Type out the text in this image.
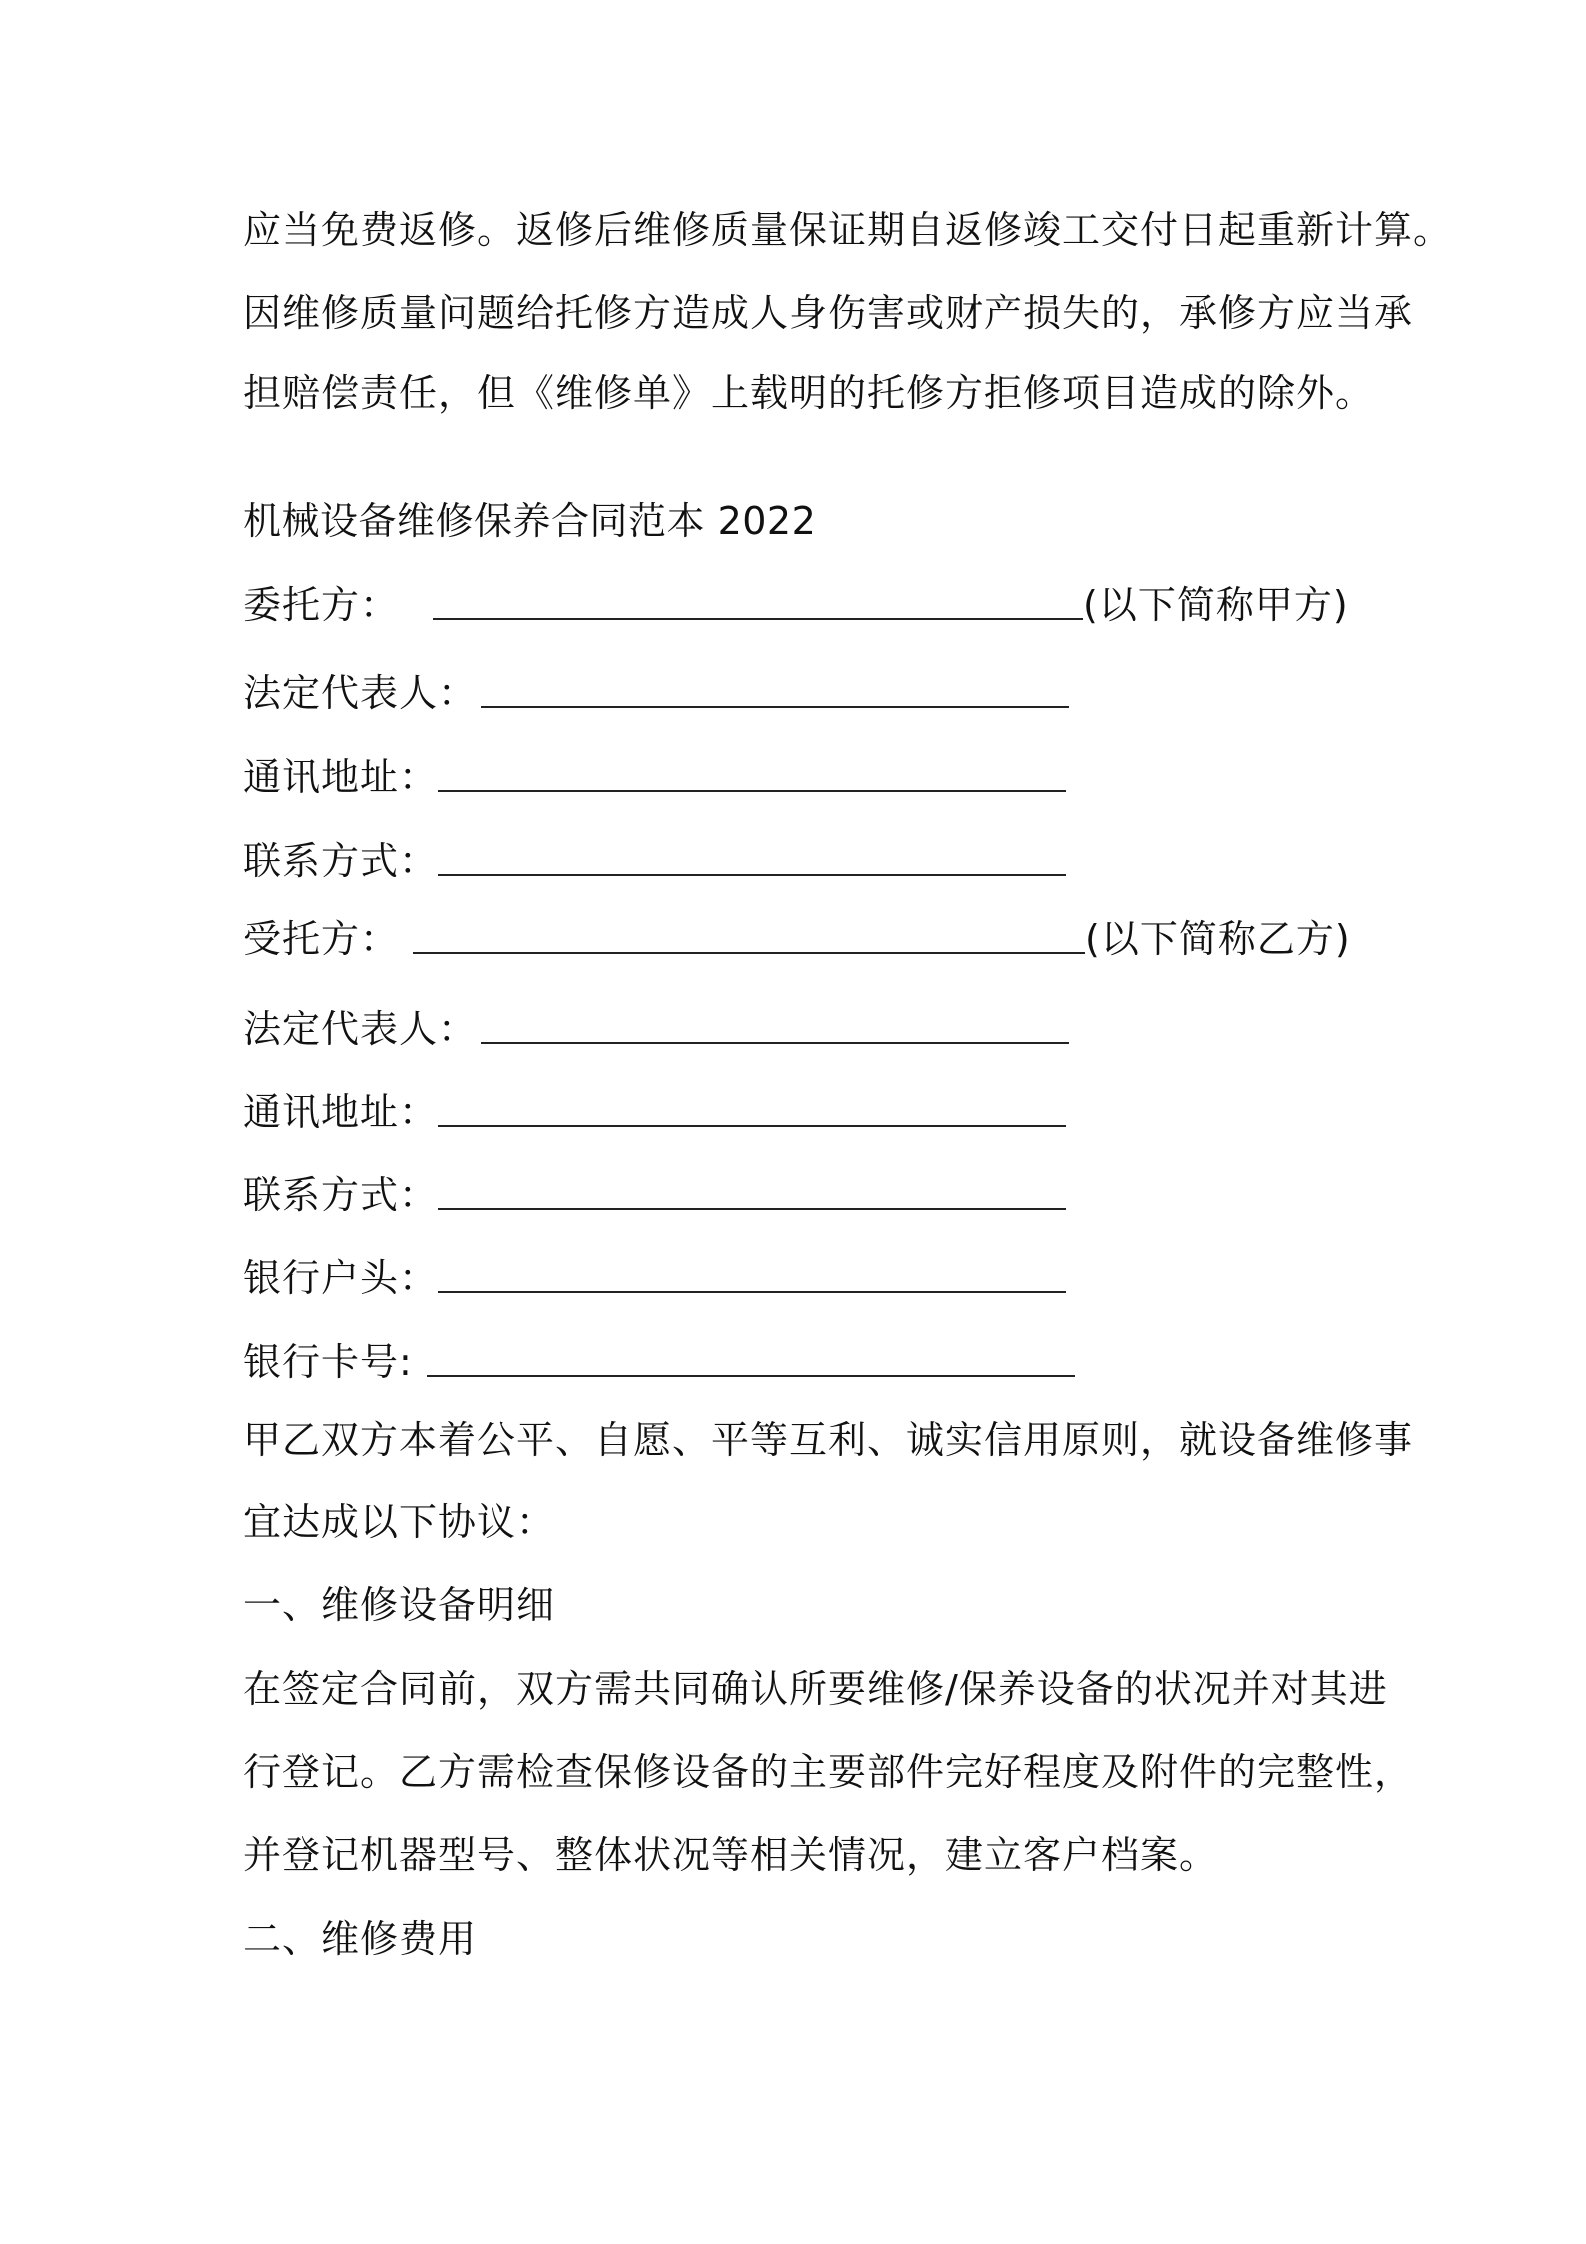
应当免费返修。返修后维修质量保证期自返修竣工交付日起重新计算。
因维修质量问题给托修方造成人身伤害或财产损失的，承修方应当承
担赔偿责任，但《维修单》上载明的托修方拒修项目造成的除外。
机械设备维修保养合同范本 2022
委托方：	(以下简称甲方)
法定代表人：
通讯地址：
联系方式：
受托方：	(以下简称乙方)
法定代表人：
通讯地址：
联系方式：
银行户头：
银行卡号:
甲乙双方本着公平、自愿、平等互利、诚实信用原则，就设备维修事
宜达成以下协议：
一、维修设备明细
在签定合同前，双方需共同确认所要维修/保养设备的状况并对其进
行登记。乙方需检查保修设备的主要部件完好程度及附件的完整性，
并登记机器型号、整体状况等相关情况，建立客户档案。
二、维修费用
